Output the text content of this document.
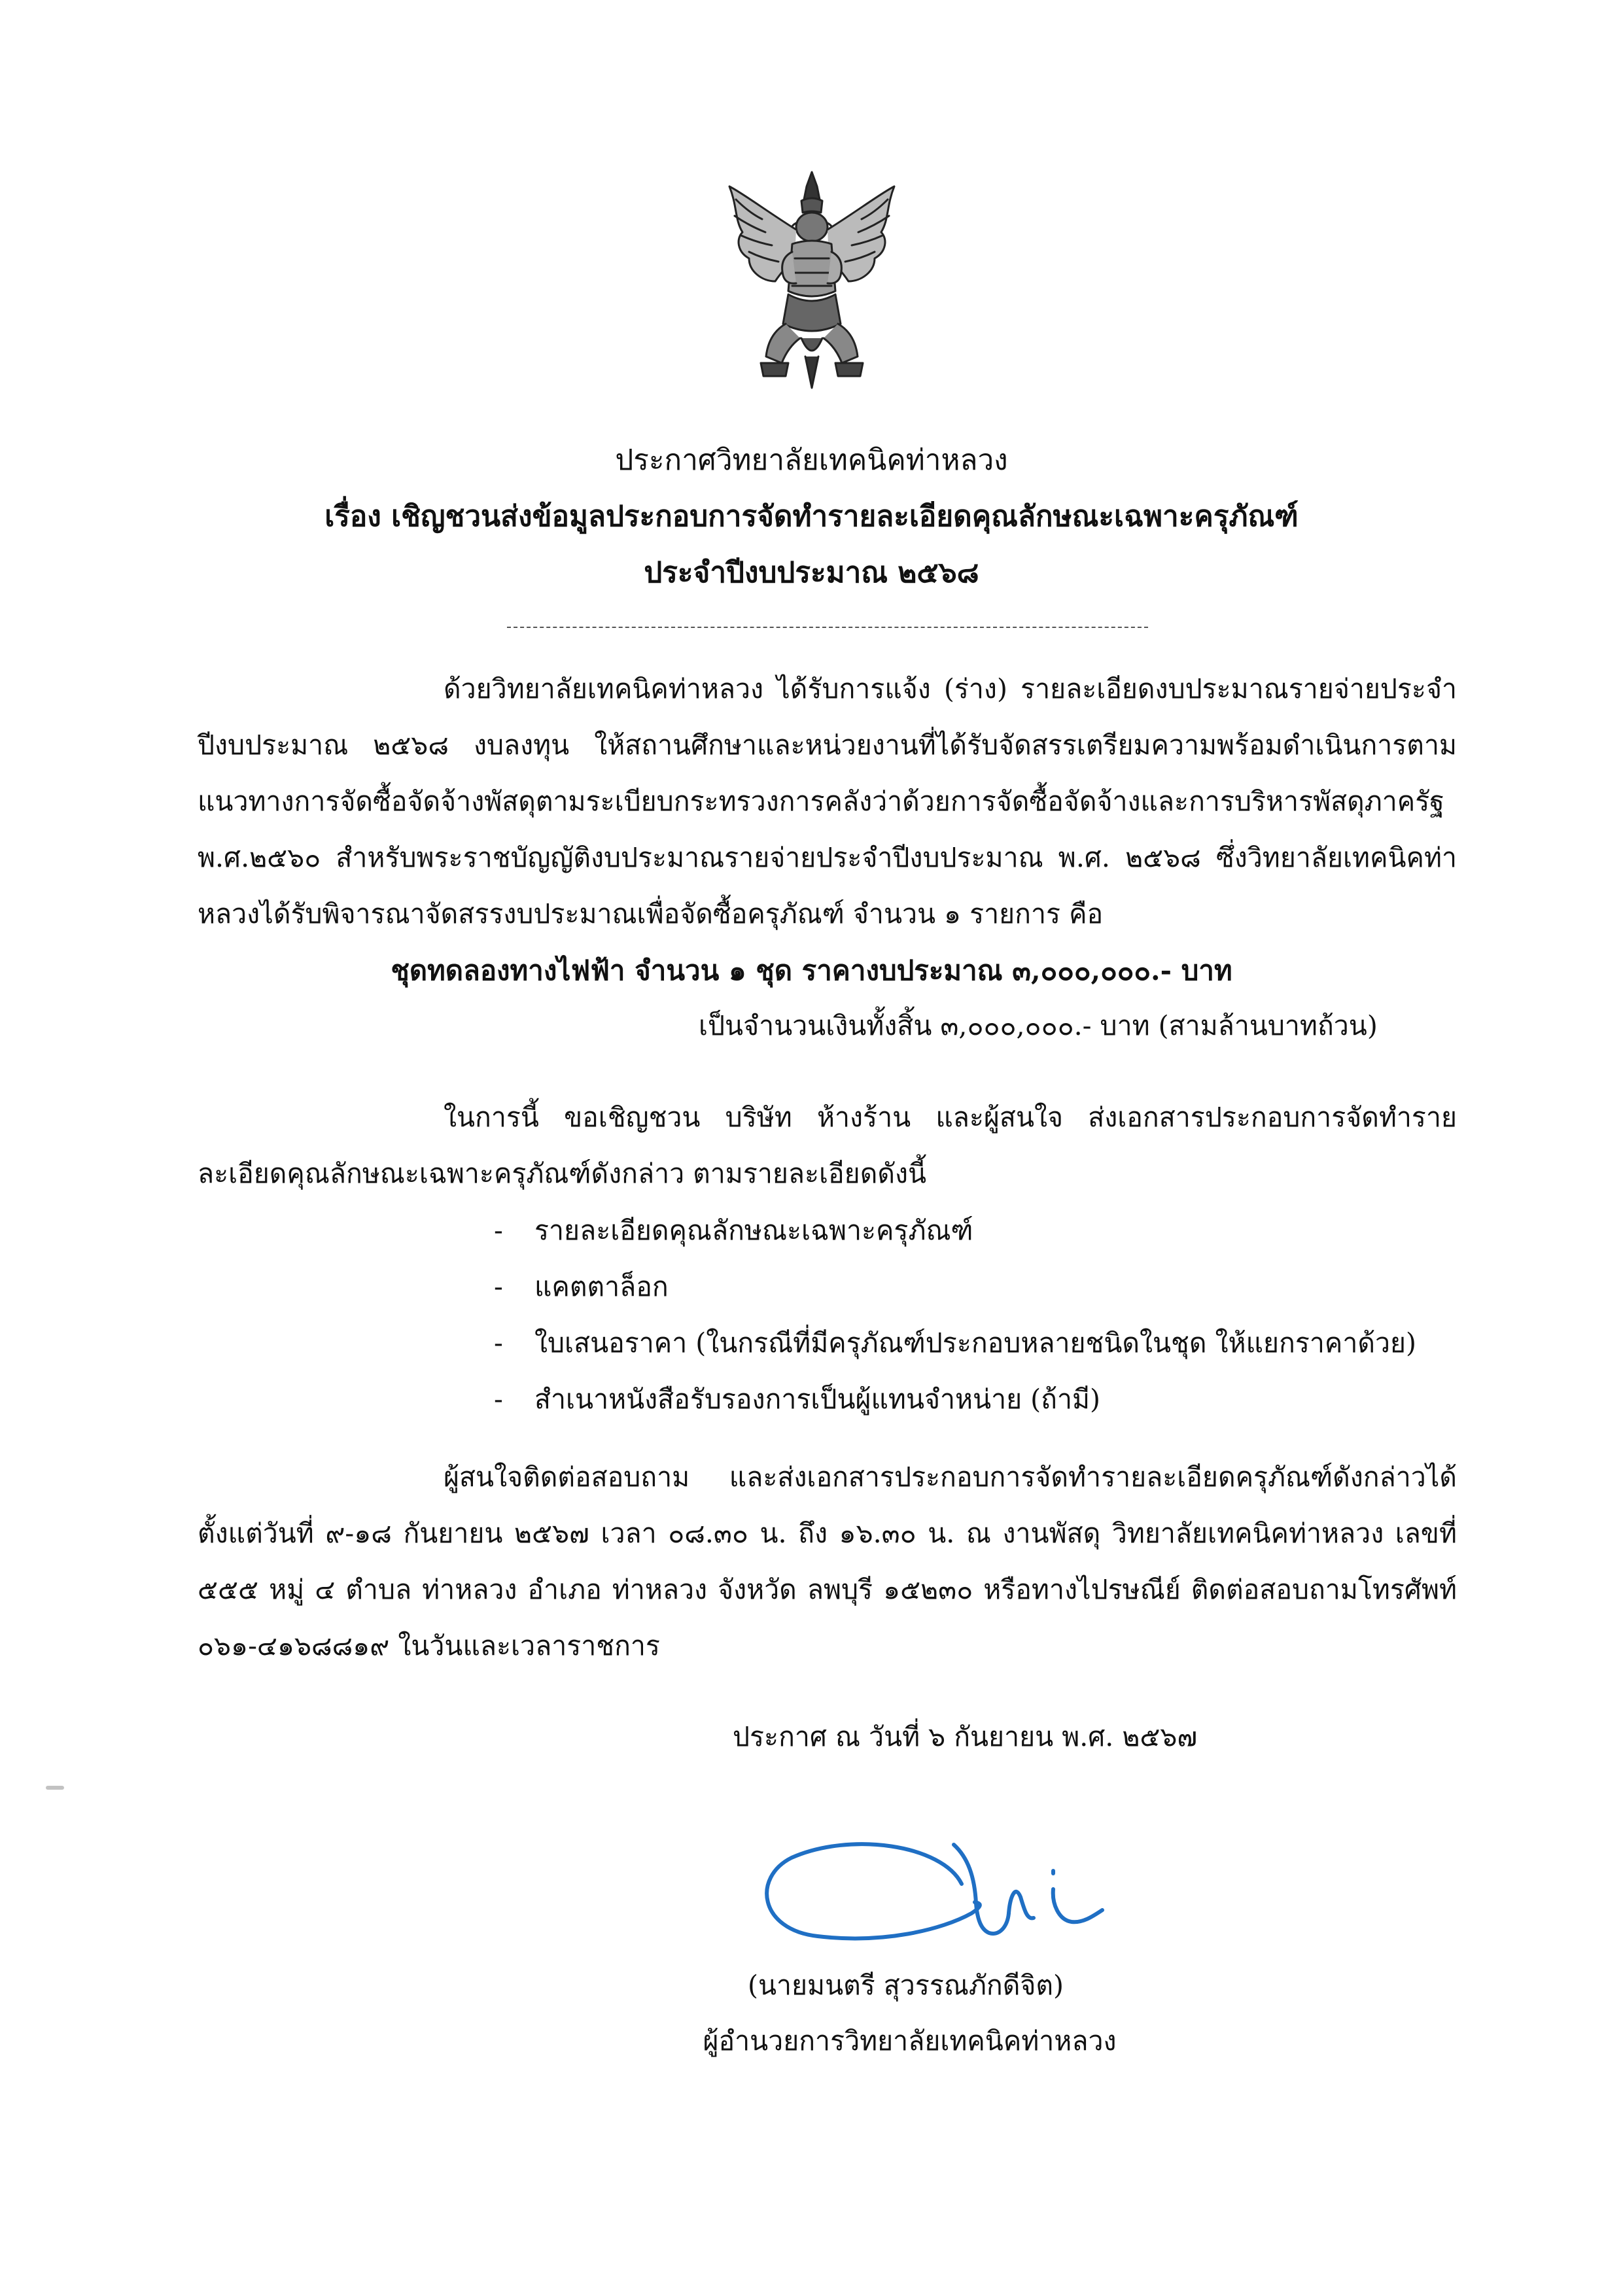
ประกาศวิทยาลัยเทคนิคท่าหลวง
เรื่อง เชิญชวนส่งข้อมูลประกอบการจัดทำรายละเอียดคุณลักษณะเฉพาะครุภัณฑ์
ประจำปีงบประมาณ ๒๕๖๘

ด้วยวิทยาลัยเทคนิคท่าหลวง ได้รับการแจ้ง (ร่าง) รายละเอียดงบประมาณรายจ่ายประจำปีงบประมาณ ๒๕๖๘ งบลงทุน ให้สถานศึกษาและหน่วยงานที่ได้รับจัดสรรเตรียมความพร้อมดำเนินการตามแนวทางการจัดซื้อจัดจ้างพัสดุตามระเบียบกระทรวงการคลังว่าด้วยการจัดซื้อจัดจ้างและการบริหารพัสดุภาครัฐ พ.ศ.๒๕๖๐ สำหรับพระราชบัญญัติงบประมาณรายจ่ายประจำปีงบประมาณ พ.ศ. ๒๕๖๘ ซึ่งวิทยาลัยเทคนิคท่าหลวงได้รับพิจารณาจัดสรรงบประมาณเพื่อจัดซื้อครุภัณฑ์ จำนวน ๑ รายการ คือ

ชุดทดลองทางไฟฟ้า จำนวน ๑ ชุด ราคางบประมาณ ๓,๐๐๐,๐๐๐.- บาท
เป็นจำนวนเงินทั้งสิ้น ๓,๐๐๐,๐๐๐.- บาท (สามล้านบาทถ้วน)

ในการนี้ ขอเชิญชวน บริษัท ห้างร้าน และผู้สนใจ ส่งเอกสารประกอบการจัดทำรายละเอียดคุณลักษณะเฉพาะครุภัณฑ์ดังกล่าว ตามรายละเอียดดังนี้

- รายละเอียดคุณลักษณะเฉพาะครุภัณฑ์
- แคตตาล็อก
- ใบเสนอราคา (ในกรณีที่มีครุภัณฑ์ประกอบหลายชนิดในชุด ให้แยกราคาด้วย)
- สำเนาหนังสือรับรองการเป็นผู้แทนจำหน่าย (ถ้ามี)

ผู้สนใจติดต่อสอบถาม และส่งเอกสารประกอบการจัดทำรายละเอียดครุภัณฑ์ดังกล่าวได้ตั้งแต่วันที่ ๙-๑๘ กันยายน ๒๕๖๗ เวลา ๐๘.๓๐ น. ถึง ๑๖.๓๐ น. ณ งานพัสดุ วิทยาลัยเทคนิคท่าหลวง เลขที่ ๕๕๕ หมู่ ๔ ตำบล ท่าหลวง อำเภอ ท่าหลวง จังหวัด ลพบุรี ๑๕๒๓๐ หรือทางไปรษณีย์ ติดต่อสอบถามโทรศัพท์ ๐๖๑-๔๑๖๘๘๑๙ ในวันและเวลาราชการ

ประกาศ ณ วันที่ ๖ กันยายน พ.ศ. ๒๕๖๗
(นายมนตรี สุวรรณภักดีจิต)
ผู้อำนวยการวิทยาลัยเทคนิคท่าหลวง
